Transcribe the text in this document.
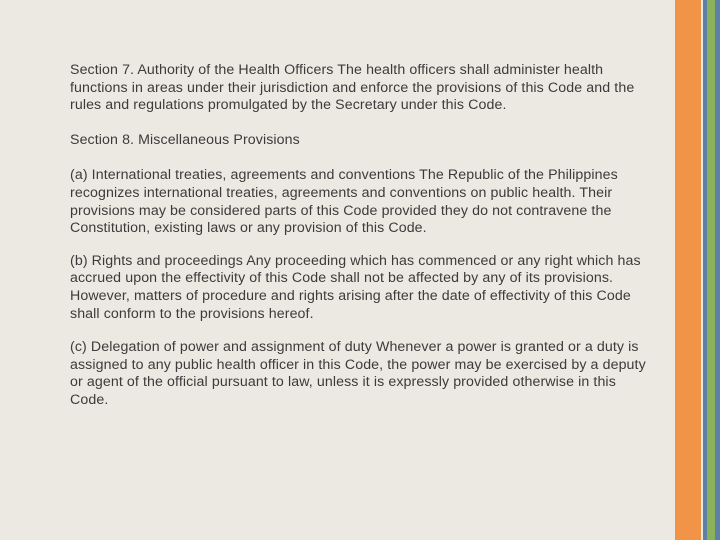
Section 7. Authority of the Health Officers The health officers shall administer health functions in areas under their jurisdiction and enforce the provisions of this Code and the rules and regulations promulgated by the Secretary under this Code.

Section 8. Miscellaneous Provisions

(a) International treaties, agreements and conventions The Republic of the Philippines recognizes international treaties, agreements and conventions on public health. Their provisions may be considered parts of this Code provided they do not contravene the Constitution, existing laws or any provision of this Code.

(b) Rights and proceedings Any proceeding which has commenced or any right which has accrued upon the effectivity of this Code shall not be affected by any of its provisions. However, matters of procedure and rights arising after the date of effectivity of this Code shall conform to the provisions hereof.

(c) Delegation of power and assignment of duty Whenever a power is granted or a duty is assigned to any public health officer in this Code, the power may be exercised by a deputy or agent of the official pursuant to law, unless it is expressly provided otherwise in this Code.
